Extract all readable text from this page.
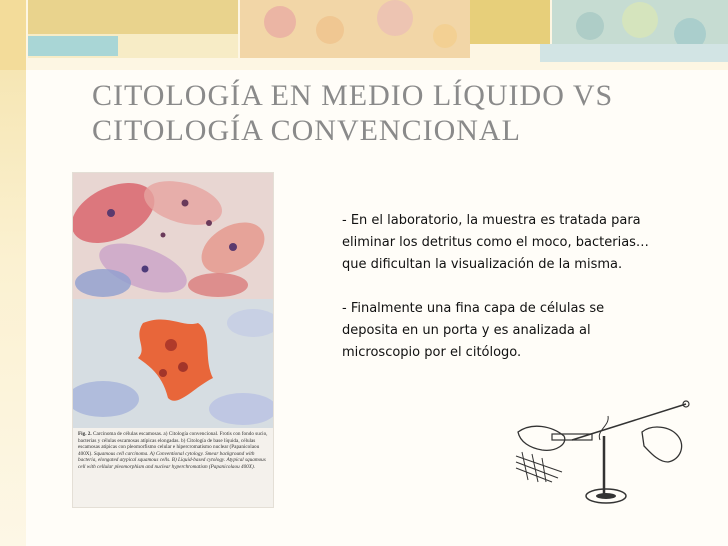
CITOLOGÍA EN MEDIO LÍQUIDO VS
CITOLOGÍA CONVENCIONAL

Fig. 2. Carcinoma de células escamosas. a) Citología convencional. Frotis con fondo sucio, bacterias y células escamosas atípicas elongadas. b) Citología de base líquida, células escamosas atípicas con pleomorfismo celular e hipercromatismo nuclear (Papanicolaou 400X). Squamous cell carcinoma. A) Conventional cytology. Smear background with bacteria, elongated atypical squamous cells. B) Liquid-based cytology. Atypical squamous cell with cellular pleomorphism and nuclear hyperchromatism (Papanicolaou 400X).

- En el laboratorio, la muestra es tratada para eliminar los detritus como el moco, bacterias… que dificultan la visualización de la misma.

- Finalmente una fina capa de células se deposita en un porta y es analizada al microscopio por el citólogo.
